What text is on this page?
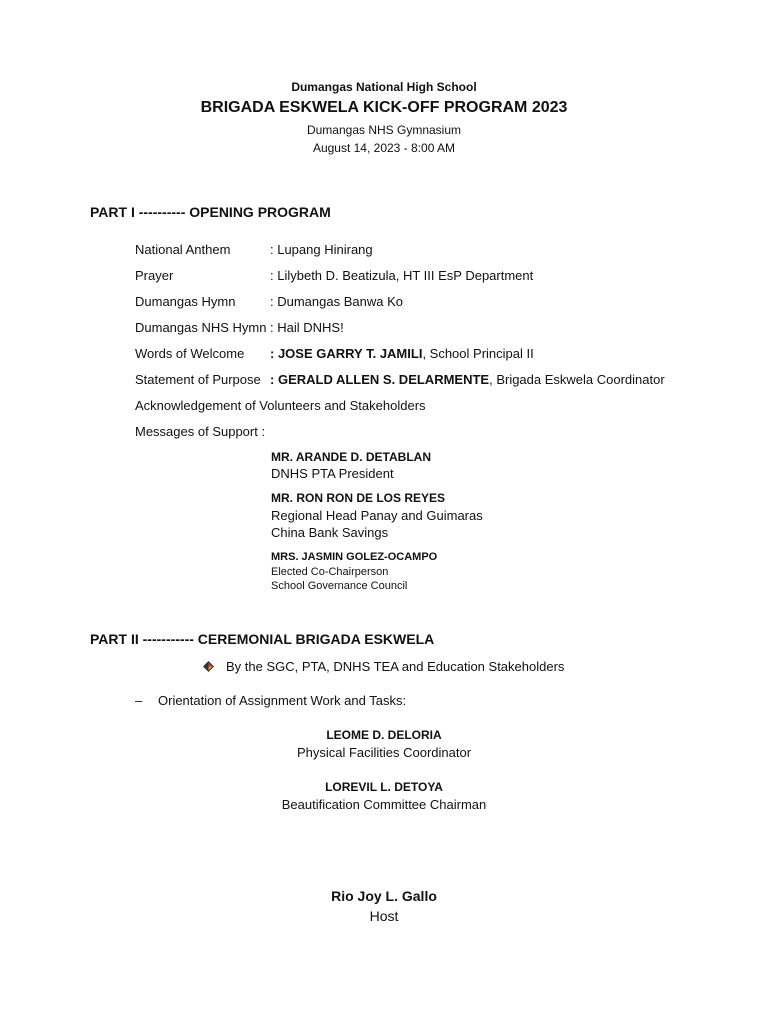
Dumangas National High School
BRIGADA ESKWELA KICK-OFF PROGRAM 2023
Dumangas NHS Gymnasium
August 14, 2023 - 8:00 AM
PART I ---------- OPENING PROGRAM
National Anthem	: Lupang Hinirang
Prayer	: Lilybeth D. Beatizula, HT III EsP Department
Dumangas Hymn	: Dumangas Banwa Ko
Dumangas NHS Hymn : Hail DNHS!
Words of Welcome : JOSE GARRY T. JAMILI, School Principal II
Statement of Purpose : GERALD ALLEN S. DELARMENTE, Brigada Eskwela Coordinator
Acknowledgement of Volunteers and Stakeholders
Messages of Support :
MR. ARANDE D. DETABLAN
DNHS PTA President
MR. RON RON DE LOS REYES
Regional Head Panay and Guimaras
China Bank Savings
MRS. JASMIN GOLEZ-OCAMPO
Elected Co-Chairperson
School Governance Council
PART II ----------- CEREMONIAL BRIGADA ESKWELA
By the SGC, PTA, DNHS TEA and Education Stakeholders
– Orientation of Assignment Work and Tasks:
LEOME D. DELORIA
Physical Facilities Coordinator
LOREVIL L. DETOYA
Beautification Committee Chairman
Rio Joy L. Gallo
Host
